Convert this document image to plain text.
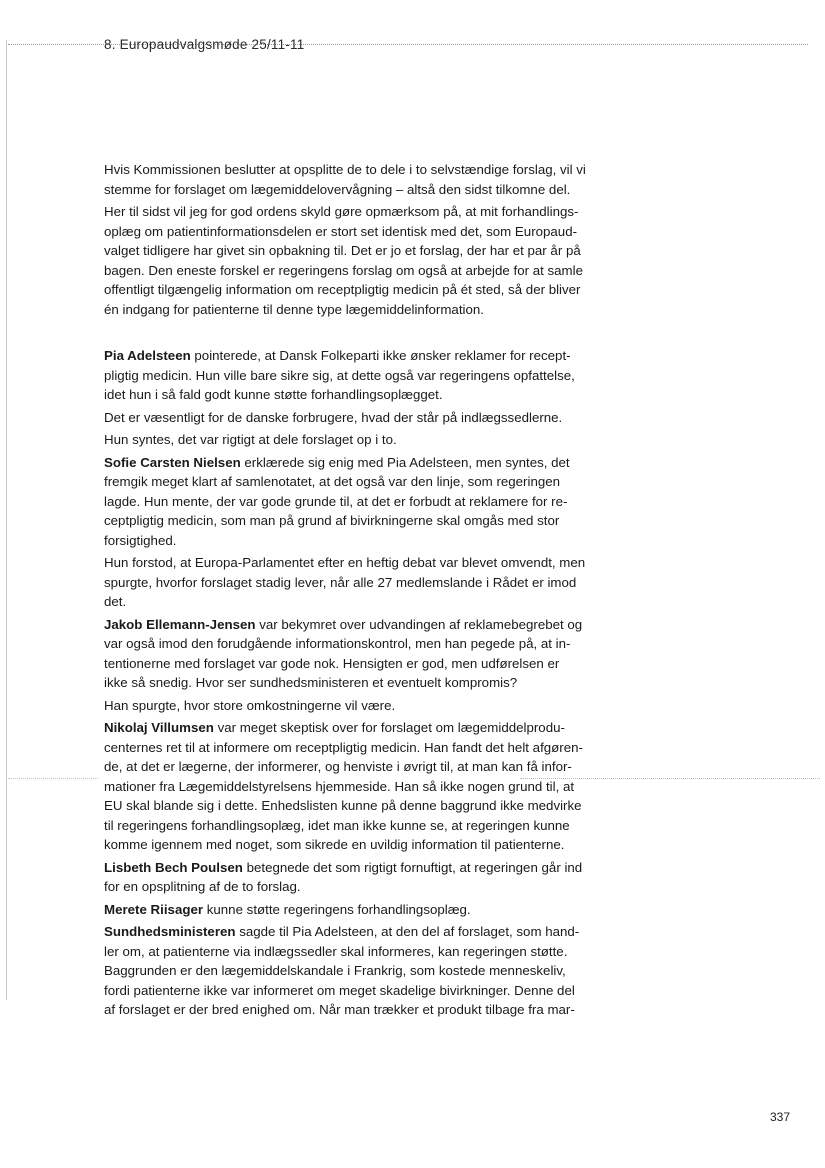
8. Europaudvalgsmøde 25/11-11

Hvis Kommissionen beslutter at opsplitte de to dele i to selvstændige forslag, vil vi
stemme for forslaget om lægemiddelovervågning – altså den sidst tilkomne del.

Her til sidst vil jeg for god ordens skyld gøre opmærksom på, at mit forhandlings-
oplæg om patientinformationsdelen er stort set identisk med det, som Europaud-
valget tidligere har givet sin opbakning til. Det er jo et forslag, der har et par år på
bagen. Den eneste forskel er regeringens forslag om også at arbejde for at samle
offentligt tilgængelig information om receptpligtig medicin på ét sted, så der bliver
én indgang for patienterne til denne type lægemiddelinformation.

Pia Adelsteen pointerede, at Dansk Folkeparti ikke ønsker reklamer for recept-
pligtig medicin. Hun ville bare sikre sig, at dette også var regeringens opfattelse,
idet hun i så fald godt kunne støtte forhandlingsoplægget.

Det er væsentligt for de danske forbrugere, hvad der står på indlægssedlerne.

Hun syntes, det var rigtigt at dele forslaget op i to.

Sofie Carsten Nielsen erklærede sig enig med Pia Adelsteen, men syntes, det
fremgik meget klart af samlenotatet, at det også var den linje, som regeringen
lagde. Hun mente, der var gode grunde til, at det er forbudt at reklamere for re-
ceptpligtig medicin, som man på grund af bivirkningerne skal omgås med stor
forsigtighed.

Hun forstod, at Europa-Parlamentet efter en heftig debat var blevet omvendt, men
spurgte, hvorfor forslaget stadig lever, når alle 27 medlemslande i Rådet er imod
det.

Jakob Ellemann-Jensen var bekymret over udvandingen af reklamebegrebet og
var også imod den forudgående informationskontrol, men han pegede på, at in-
tentionerne med forslaget var gode nok. Hensigten er god, men udførelsen er
ikke så snedig. Hvor ser sundhedsministeren et eventuelt kompromis?

Han spurgte, hvor store omkostningerne vil være.

Nikolaj Villumsen var meget skeptisk over for forslaget om lægemiddelprodu-
centernes ret til at informere om receptpligtig medicin. Han fandt det helt afgøren-
de, at det er lægerne, der informerer, og henviste i øvrigt til, at man kan få infor-
mationer fra Lægemiddelstyrelsens hjemmeside. Han så ikke nogen grund til, at
EU skal blande sig i dette. Enhedslisten kunne på denne baggrund ikke medvirke
til regeringens forhandlingsoplæg, idet man ikke kunne se, at regeringen kunne
komme igennem med noget, som sikrede en uvildig information til patienterne.

Lisbeth Bech Poulsen betegnede det som rigtigt fornuftigt, at regeringen går ind
for en opsplitning af de to forslag.

Merete Riisager kunne støtte regeringens forhandlingsoplæg.

Sundhedsministeren sagde til Pia Adelsteen, at den del af forslaget, som hand-
ler om, at patienterne via indlægssedler skal informeres, kan regeringen støtte.
Baggrunden er den lægemiddelskandale i Frankrig, som kostede menneskeliv,
fordi patienterne ikke var informeret om meget skadelige bivirkninger. Denne del
af forslaget er der bred enighed om. Når man trækker et produkt tilbage fra mar-

337
